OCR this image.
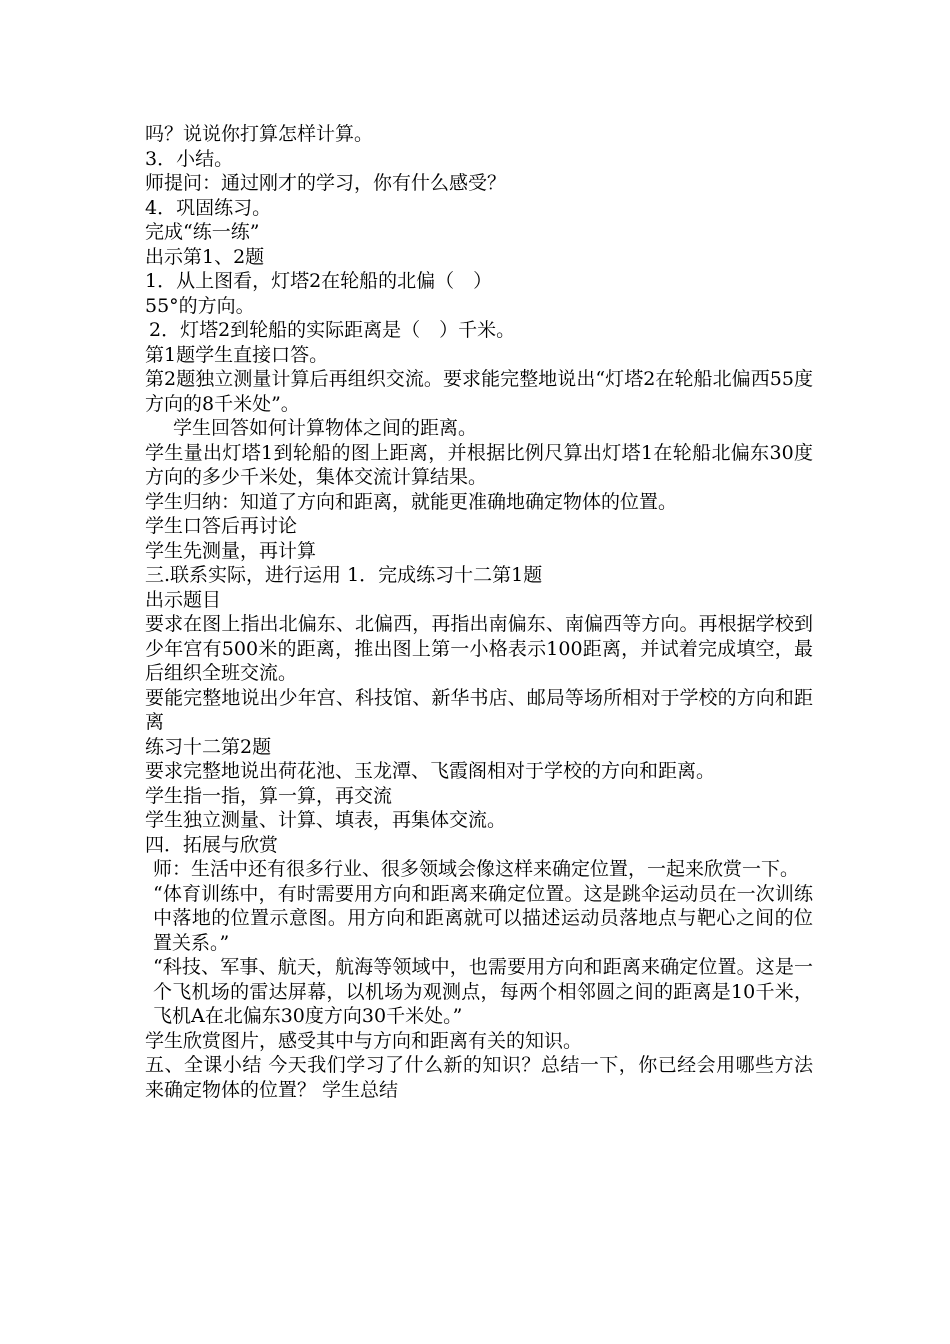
吗？说说你打算怎样计算。
3．小结。
师提问：通过刚才的学习，你有什么感受？
4．巩固练习。
完成“练一练”
出示第1、2题
1．从上图看，灯塔2在轮船的北偏（　）
55°的方向。
2．灯塔2到轮船的实际距离是（　）千米。
第1题学生直接口答。
第2题独立测量计算后再组织交流。要求能完整地说出“灯塔2在轮船北偏西55度方向的8千米处”。
学生回答如何计算物体之间的距离。
学生量出灯塔1到轮船的图上距离，并根据比例尺算出灯塔1在轮船北偏东30度方向的多少千米处，集体交流计算结果。
学生归纳：知道了方向和距离，就能更准确地确定物体的位置。
学生口答后再讨论
学生先测量，再计算
三.联系实际，进行运用 1．完成练习十二第1题
出示题目
要求在图上指出北偏东、北偏西，再指出南偏东、南偏西等方向。再根据学校到少年宫有500米的距离，推出图上第一小格表示100距离，并试着完成填空，最后组织全班交流。
要能完整地说出少年宫、科技馆、新华书店、邮局等场所相对于学校的方向和距离
练习十二第2题
要求完整地说出荷花池、玉龙潭、飞霞阁相对于学校的方向和距离。
学生指一指，算一算，再交流
学生独立测量、计算、填表，再集体交流。
四．拓展与欣赏
师：生活中还有很多行业、很多领域会像这样来确定位置，一起来欣赏一下。
“体育训练中，有时需要用方向和距离来确定位置。这是跳伞运动员在一次训练中落地的位置示意图。用方向和距离就可以描述运动员落地点与靶心之间的位置关系。”
“科技、军事、航天，航海等领域中，也需要用方向和距离来确定位置。这是一个飞机场的雷达屏幕，以机场为观测点，每两个相邻圆之间的距离是10千米，飞机A在北偏东30度方向30千米处。”
学生欣赏图片，感受其中与方向和距离有关的知识。
五、全课小结 今天我们学习了什么新的知识？总结一下，你已经会用哪些方法来确定物体的位置？ 学生总结
